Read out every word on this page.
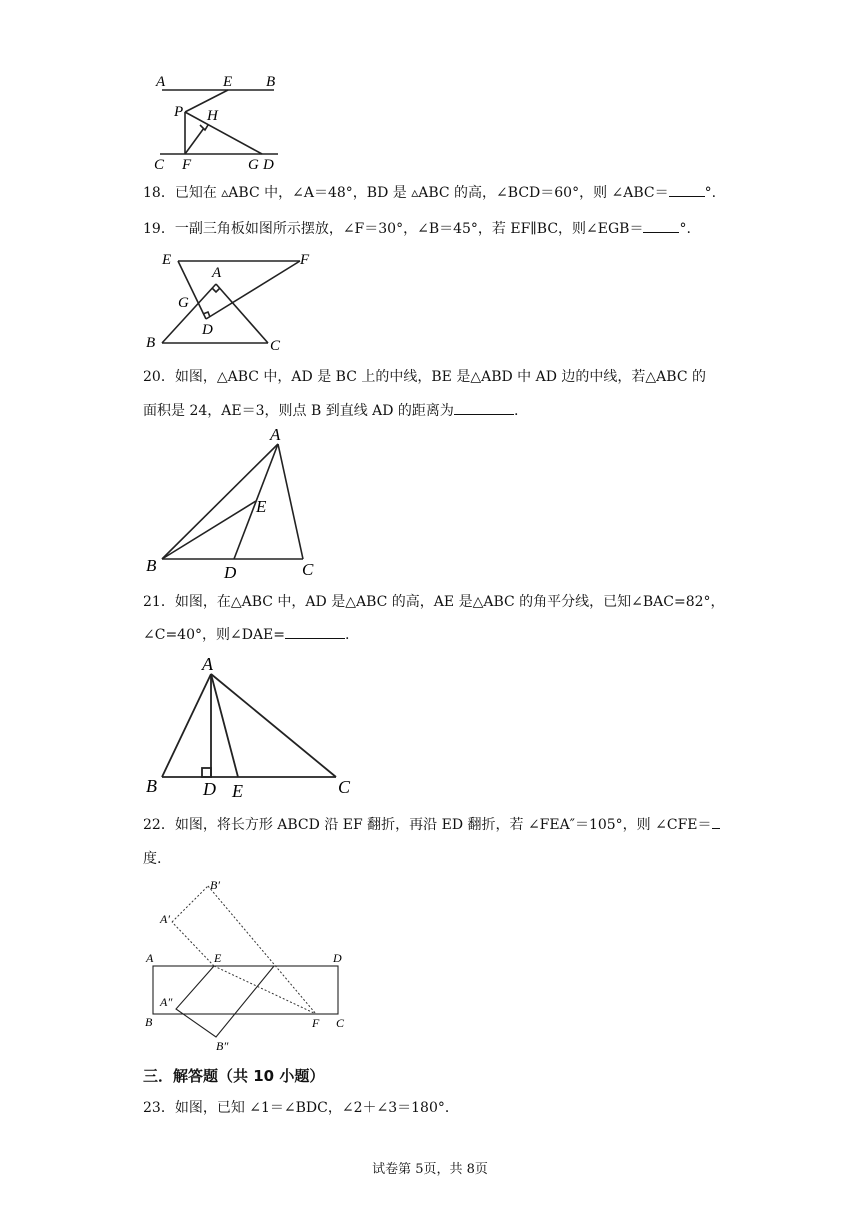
A	E B
P H
C F	G D
18．已知在 ▵ABC 中，∠A＝48°，BD 是 ▵ABC 的高，∠BCD＝60°，则 ∠ABC＝	°.
19．一副三角板如图所示摆放，∠F＝30°，∠B＝45°，若 EF∥BC，则∠EGB＝	°.
E	F
A
G
D
B	C
20．如图，△ABC 中，AD 是 BC 上的中线，BE 是△ABD 中 AD 边的中线，若△ABC 的
面积是 24，AE＝3，则点 B 到直线 AD 的距离为	.
A
E
B	D	C
21．如图，在△ABC 中，AD 是△ABC 的高，AE 是△ABC 的角平分线，已知∠BAC=82°，
∠C=40°，则∠DAE=	.
A
B	D E	C
22．如图，将长方形 ABCD 沿 EF 翻折，再沿 ED 翻折，若 ∠FEA″＝105°，则 ∠CFE＝
度.
B′
A′
A	E	D
A″
B	F C
B″
三．解答题（共 10 小题）
23．如图，已知 ∠1＝∠BDC，∠2＋∠3＝180°．
试卷第 5页，共 8页
